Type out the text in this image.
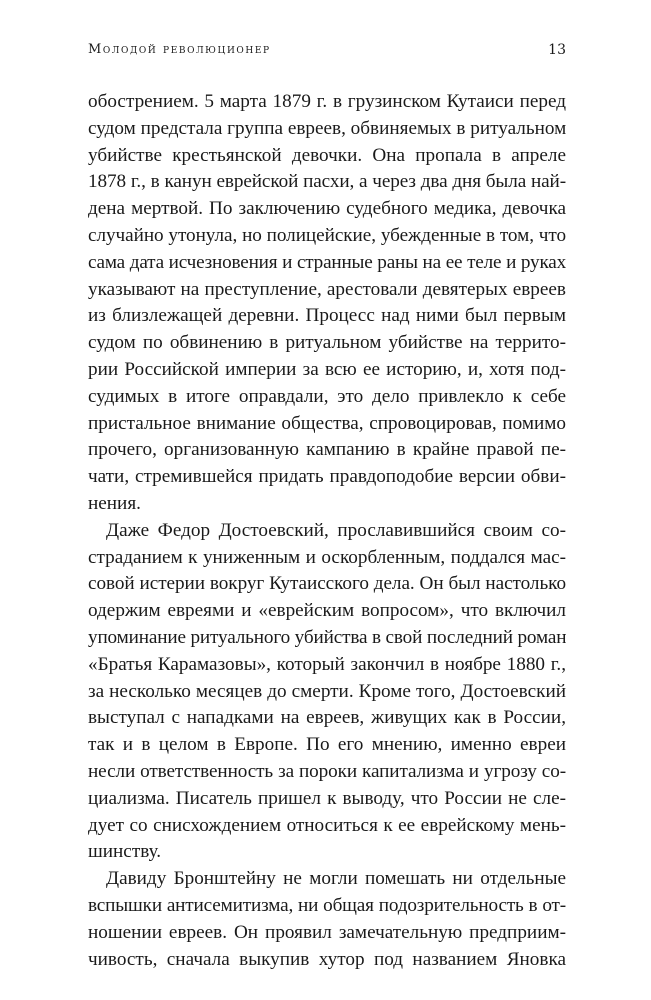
Молодой революционер	13
обострением. 5 марта 1879 г. в грузинском Кутаиси перед
судом предстала группа евреев, обвиняемых в ритуальном
убийстве крестьянской девочки. Она пропала в апреле
1878 г., в канун еврейской пасхи, а через два дня была най-
дена мертвой. По заключению судебного медика, девочка
случайно утонула, но полицейские, убежденные в том, что
сама дата исчезновения и странные раны на ее теле и руках
указывают на преступление, арестовали девятерых евреев
из близлежащей деревни. Процесс над ними был первым
судом по обвинению в ритуальном убийстве на террито-
рии Российской империи за всю ее историю, и, хотя под-
судимых в итоге оправдали, это дело привлекло к себе
пристальное внимание общества, спровоцировав, помимо
прочего, организованную кампанию в крайне правой пе-
чати, стремившейся придать правдоподобие версии обви-
нения.
Даже Федор Достоевский, прославившийся своим со-
страданием к униженным и оскорбленным, поддался мас-
совой истерии вокруг Кутаисского дела. Он был настолько
одержим евреями и «еврейским вопросом», что включил
упоминание ритуального убийства в свой последний роман
«Братья Карамазовы», который закончил в ноябре 1880 г.,
за несколько месяцев до смерти. Кроме того, Достоевский
выступал с нападками на евреев, живущих как в России,
так и в целом в Европе. По его мнению, именно евреи
несли ответственность за пороки капитализма и угрозу со-
циализма. Писатель пришел к выводу, что России не сле-
дует со снисхождением относиться к ее еврейскому мень-
шинству.
Давиду Бронштейну не могли помешать ни отдельные
вспышки антисемитизма, ни общая подозрительность в от-
ношении евреев. Он проявил замечательную предприим-
чивость, сначала выкупив хутор под названием Яновка
